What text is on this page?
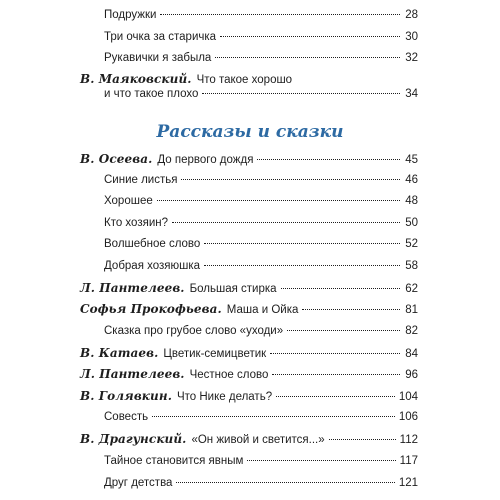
Подружки	28
Три очка за старичка	30
Рукавички я забыла	32
В. Маяковский. Что такое хорошо
и что такое плохо	34
Рассказы и сказки
В. Осеева. До первого дождя	45
Синие листья	46
Хорошее	48
Кто хозяин?	50
Волшебное слово	52
Добрая хозяюшка	58
Л. Пантелеев. Большая стирка	62
Софья Прокофьева. Маша и Ойка	81
Сказка про грубое слово «уходи»	82
В. Катаев. Цветик-семицветик	84
Л. Пантелеев. Честное слово	96
В. Голявкин. Что Нике делать?	104
Совесть	106
В. Драгунский. «Он живой и светится...»	112
Тайное становится явным	117
Друг детства	121
